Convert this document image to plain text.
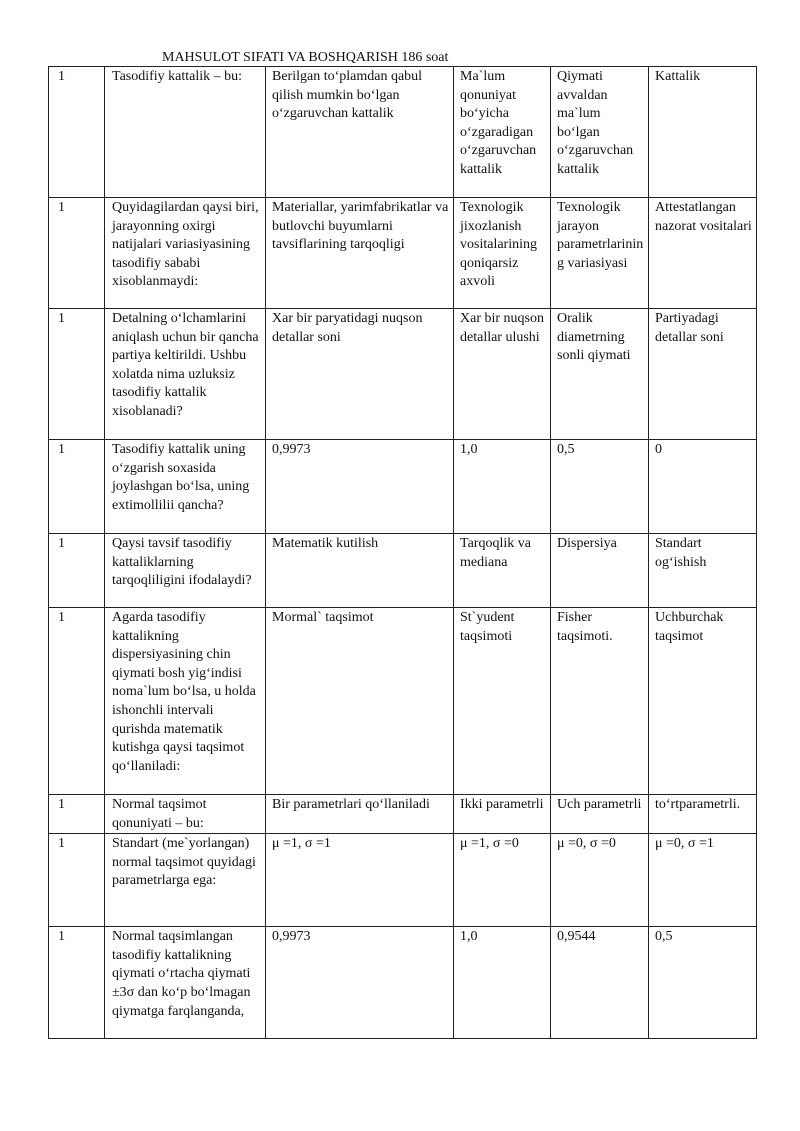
MAHSULOT SIFATI VA BOSHQARISH 186 soat
1	Tasodifiy kattalik – bu:	Berilgan to‘plamdan qabul qilish mumkin bo‘lgan o‘zgaruvchan kattalik	Ma`lum qonuniyat bo‘yicha o‘zgaradigan o‘zgaruvchan kattalik	Qiymati avvaldan ma`lum bo‘lgan o‘zgaruvchan kattalik	Kattalik
1	Quyidagilardan qaysi biri, jarayonning oxirgi natijalari variasiyasining tasodifiy sababi xisoblanmaydi:	Materiallar, yarimfabrikatlar va butlovchi buyumlarni tavsiflarining tarqoqligi	Texnologik jixozlanish vositalarining qoniqarsiz axvoli	Texnologik jarayon parametrlarining variasiyasi	Attestatlangan nazorat vositalari
1	Detalning o‘lchamlarini aniqlash uchun bir qancha partiya keltirildi. Ushbu xolatda nima uzluksiz tasodifiy kattalik xisoblanadi?	Xar bir paryatidagi nuqson detallar soni	Xar bir nuqson detallar ulushi	Oralik diametrning sonli qiymati	Partiyadagi detallar soni
1	Tasodifiy kattalik uning o‘zgarish soxasida joylashgan bo‘lsa, uning extimollilii qancha?	0,9973	1,0	0,5	0
1	Qaysi tavsif tasodifiy kattaliklarning tarqoqliligini ifodalaydi?	Matematik kutilish	Tarqoqlik va mediana	Dispersiya	Standart og‘ishish
1	Agarda tasodifiy kattalikning dispersiyasining chin qiymati bosh yig‘indisi noma`lum bo‘lsa, u holda ishonchli intervali qurishda matematik kutishga qaysi taqsimot qo‘llaniladi:	Mormal` taqsimot	St`yudent taqsimoti	Fisher taqsimoti.	Uchburchak taqsimot
1	Normal taqsimot qonuniyati – bu:	Bir parametrlari qo‘llaniladi	Ikki parametrli	Uch parametrli	to‘rtparametrli.
1	Standart (me`yorlangan) normal taqsimot quyidagi parametrlarga ega:	μ =1, σ =1	μ =1, σ =0	μ =0, σ =0	μ =0, σ =1
1	Normal taqsimlangan tasodifiy kattalikning qiymati o‘rtacha qiymati ±3σ dan ko‘p bo‘lmagan qiymatga farqlanganda,	0,9973	1,0	0,9544	0,5
